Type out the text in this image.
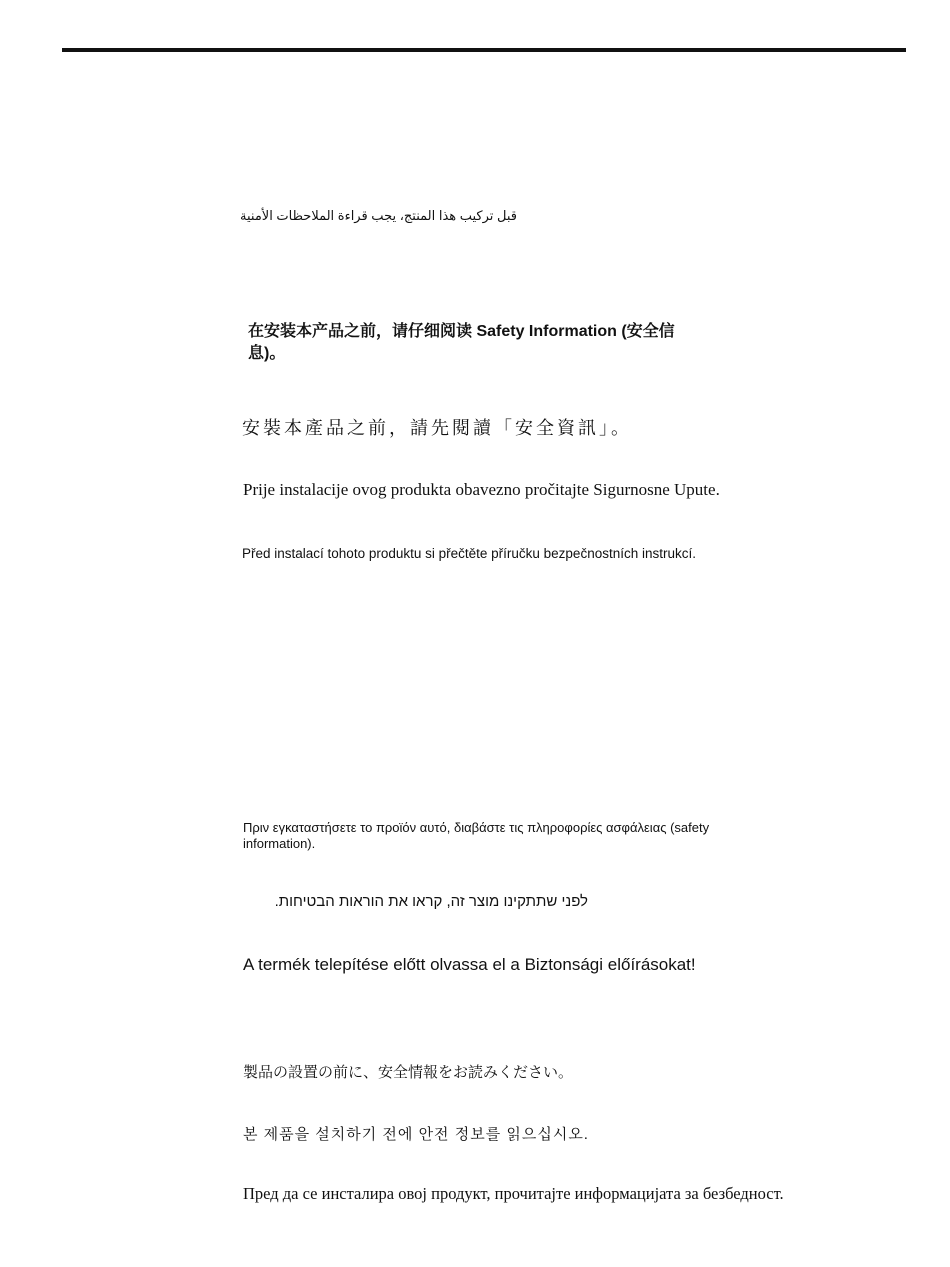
قبل تركيب هذا المنتج، يجب قراءة الملاحظات الأمنية

在安装本产品之前，请仔细阅读 Safety Information (安全信息)。

安裝本產品之前，請先閱讀「安全資訊」。

Prije instalacije ovog produkta obavezno pročitajte Sigurnosne Upute.

Před instalací tohoto produktu si přečtěte příručku bezpečnostních instrukcí.

Πριν εγκαταστήσετε το προϊόν αυτό, διαβάστε τις πληροφορίες ασφάλειας (safety information).

לפני שתתקינו מוצר זה, קראו את הוראות הבטיחות.

A termék telepítése előtt olvassa el a Biztonsági előírásokat!

製品の設置の前に、安全情報をお読みください。

본 제품을 설치하기 전에 안전 정보를 읽으십시오.

Пред да се инсталира овој продукт, прочитајте информацијата за безбедност.
